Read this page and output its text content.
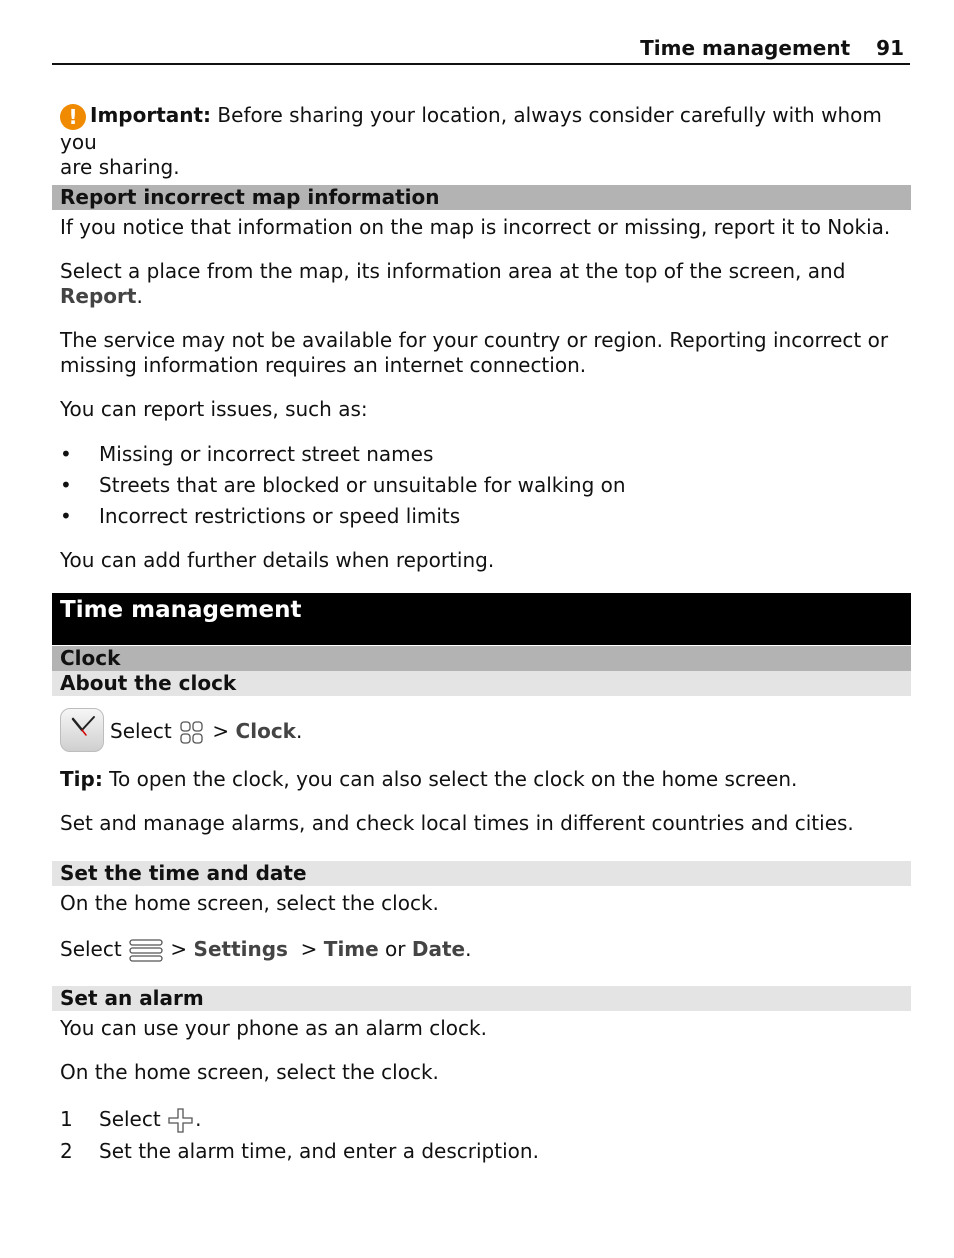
Time management 91

! Important: Before sharing your location, always consider carefully with whom you
are sharing.

Report incorrect map information

If you notice that information on the map is incorrect or missing, report it to Nokia.

Select a place from the map, its information area at the top of the screen, and
Report.

The service may not be available for your country or region. Reporting incorrect or
missing information requires an internet connection.

You can report issues, such as:

• Missing or incorrect street names
• Streets that are blocked or unsuitable for walking on
• Incorrect restrictions or speed limits

You can add further details when reporting.

Time management
Clock
About the clock

Select  > Clock.

Tip: To open the clock, you can also select the clock on the home screen.

Set and manage alarms, and check local times in different countries and cities.

Set the time and date

On the home screen, select the clock.

Select  > Settings  > Time or Date.

Set an alarm

You can use your phone as an alarm clock.

On the home screen, select the clock.

1 Select .
2 Set the alarm time, and enter a description.
